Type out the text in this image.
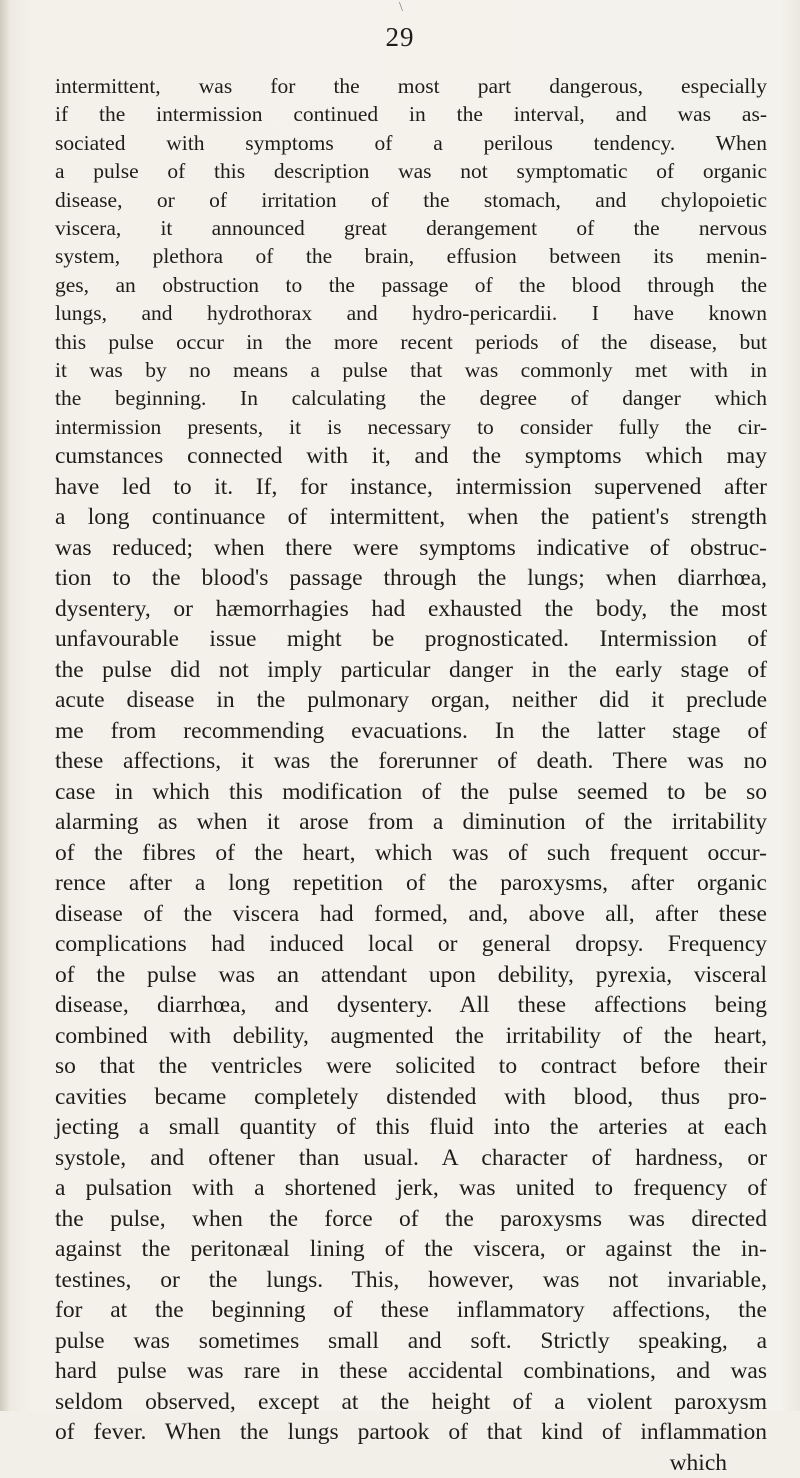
\
29
intermittent, was for the most part dangerous, especially
if the intermission continued in the interval, and was as-
sociated with symptoms of a perilous tendency. When
a pulse of this description was not symptomatic of organic
disease, or of irritation of the stomach, and chylopoietic
viscera, it announced great derangement of the nervous
system, plethora of the brain, effusion between its menin-
ges, an obstruction to the passage of the blood through the
lungs, and hydrothorax and hydro-pericardii. I have known
this pulse occur in the more recent periods of the disease, but
it was by no means a pulse that was commonly met with in
the beginning. In calculating the degree of danger which
intermission presents, it is necessary to consider fully the cir-
cumstances connected with it, and the symptoms which may
have led to it. If, for instance, intermission supervened after
a long continuance of intermittent, when the patient's strength
was reduced; when there were symptoms indicative of obstruc-
tion to the blood's passage through the lungs; when diarrhœa,
dysentery, or hæmorrhagies had exhausted the body, the most
unfavourable issue might be prognosticated. Intermission of
the pulse did not imply particular danger in the early stage of
acute disease in the pulmonary organ, neither did it preclude
me from recommending evacuations. In the latter stage of
these affections, it was the forerunner of death. There was no
case in which this modification of the pulse seemed to be so
alarming as when it arose from a diminution of the irritability
of the fibres of the heart, which was of such frequent occur-
rence after a long repetition of the paroxysms, after organic
disease of the viscera had formed, and, above all, after these
complications had induced local or general dropsy. Frequency
of the pulse was an attendant upon debility, pyrexia, visceral
disease, diarrhœa, and dysentery. All these affections being
combined with debility, augmented the irritability of the heart,
so that the ventricles were solicited to contract before their
cavities became completely distended with blood, thus pro-
jecting a small quantity of this fluid into the arteries at each
systole, and oftener than usual. A character of hardness, or
a pulsation with a shortened jerk, was united to frequency of
the pulse, when the force of the paroxysms was directed
against the peritonæal lining of the viscera, or against the in-
testines, or the lungs. This, however, was not invariable,
for at the beginning of these inflammatory affections, the
pulse was sometimes small and soft. Strictly speaking, a
hard pulse was rare in these accidental combinations, and was
seldom observed, except at the height of a violent paroxysm
of fever. When the lungs partook of that kind of inflammation
which
